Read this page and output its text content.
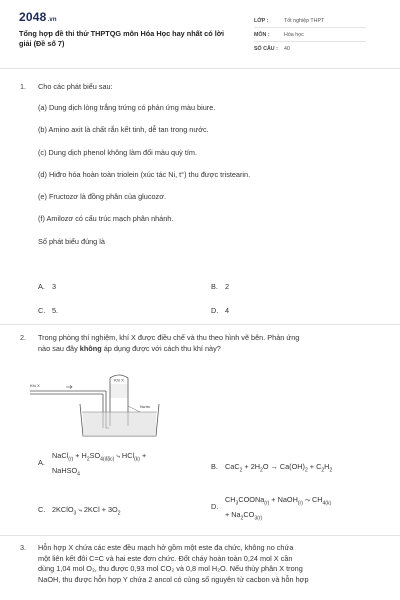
2048.vn
Tổng hợp đề thi thử THPTQG môn Hóa Học hay nhất có lời
giải (Đề số 7)
LỚP :	Tốt nghiệp THPT
MÔN :	Hóa học
SỐ CÂU : 40
1. Cho các phát biểu sau:
(a) Dung dịch lòng trắng trứng có phản ứng màu biure.
(b) Amino axit là chất rắn kết tinh, dễ tan trong nước.
(c) Dung dịch phenol không làm đổi màu quỳ tím.
(d) Hiđro hóa hoàn toàn triolein (xúc tác Ni, t°) thu được tristearin.
(e) Fructozơ là đồng phân của glucozơ.
(f) Amilozơ có cấu trúc mạch phân nhánh.
Số phát biểu đúng là
A. 3	B. 2
C. 5.	D. 4
2. Trong phòng thí nghiệm, khí X được điều chế và thu theo hình vẽ bên. Phản ứng
nào sau đây không áp dụng được với cách thu khí này?
Khí X
Khí X
Nước
A.NaCl$_{(r)}$ + $H_2SO_{4(đặc)}$ ⤷ HCl$_{(k)}$ +
NaHSO$_4$
B. $CaC_2 + 2H_2O \to Ca(OH)_2 + C_2H_2$
C. 2KClO$_3$ ⤷ $2KCl + 3O_2$
$D.CH_3COONa_{(r)}$ + NaOH$_{(r)}$ ⤳ $CH_{4(k)}$
+ $Na_2CO_{3(r)}$
3. Hỗn hợp X chứa các este đều mạch hở gồm một este đa chức, không no chứa
một liên kết đôi C=C và hai este đơn chức. Đốt cháy hoàn toàn 0,24 mol X cần
dùng 1,04 mol O₂, thu được 0,93 mol CO₂ và 0,8 mol H₂O. Nếu thủy phân X trong
NaOH, thu được hỗn hợp Y chứa 2 ancol có cùng số nguyên tử cacbon và hỗn hợp
